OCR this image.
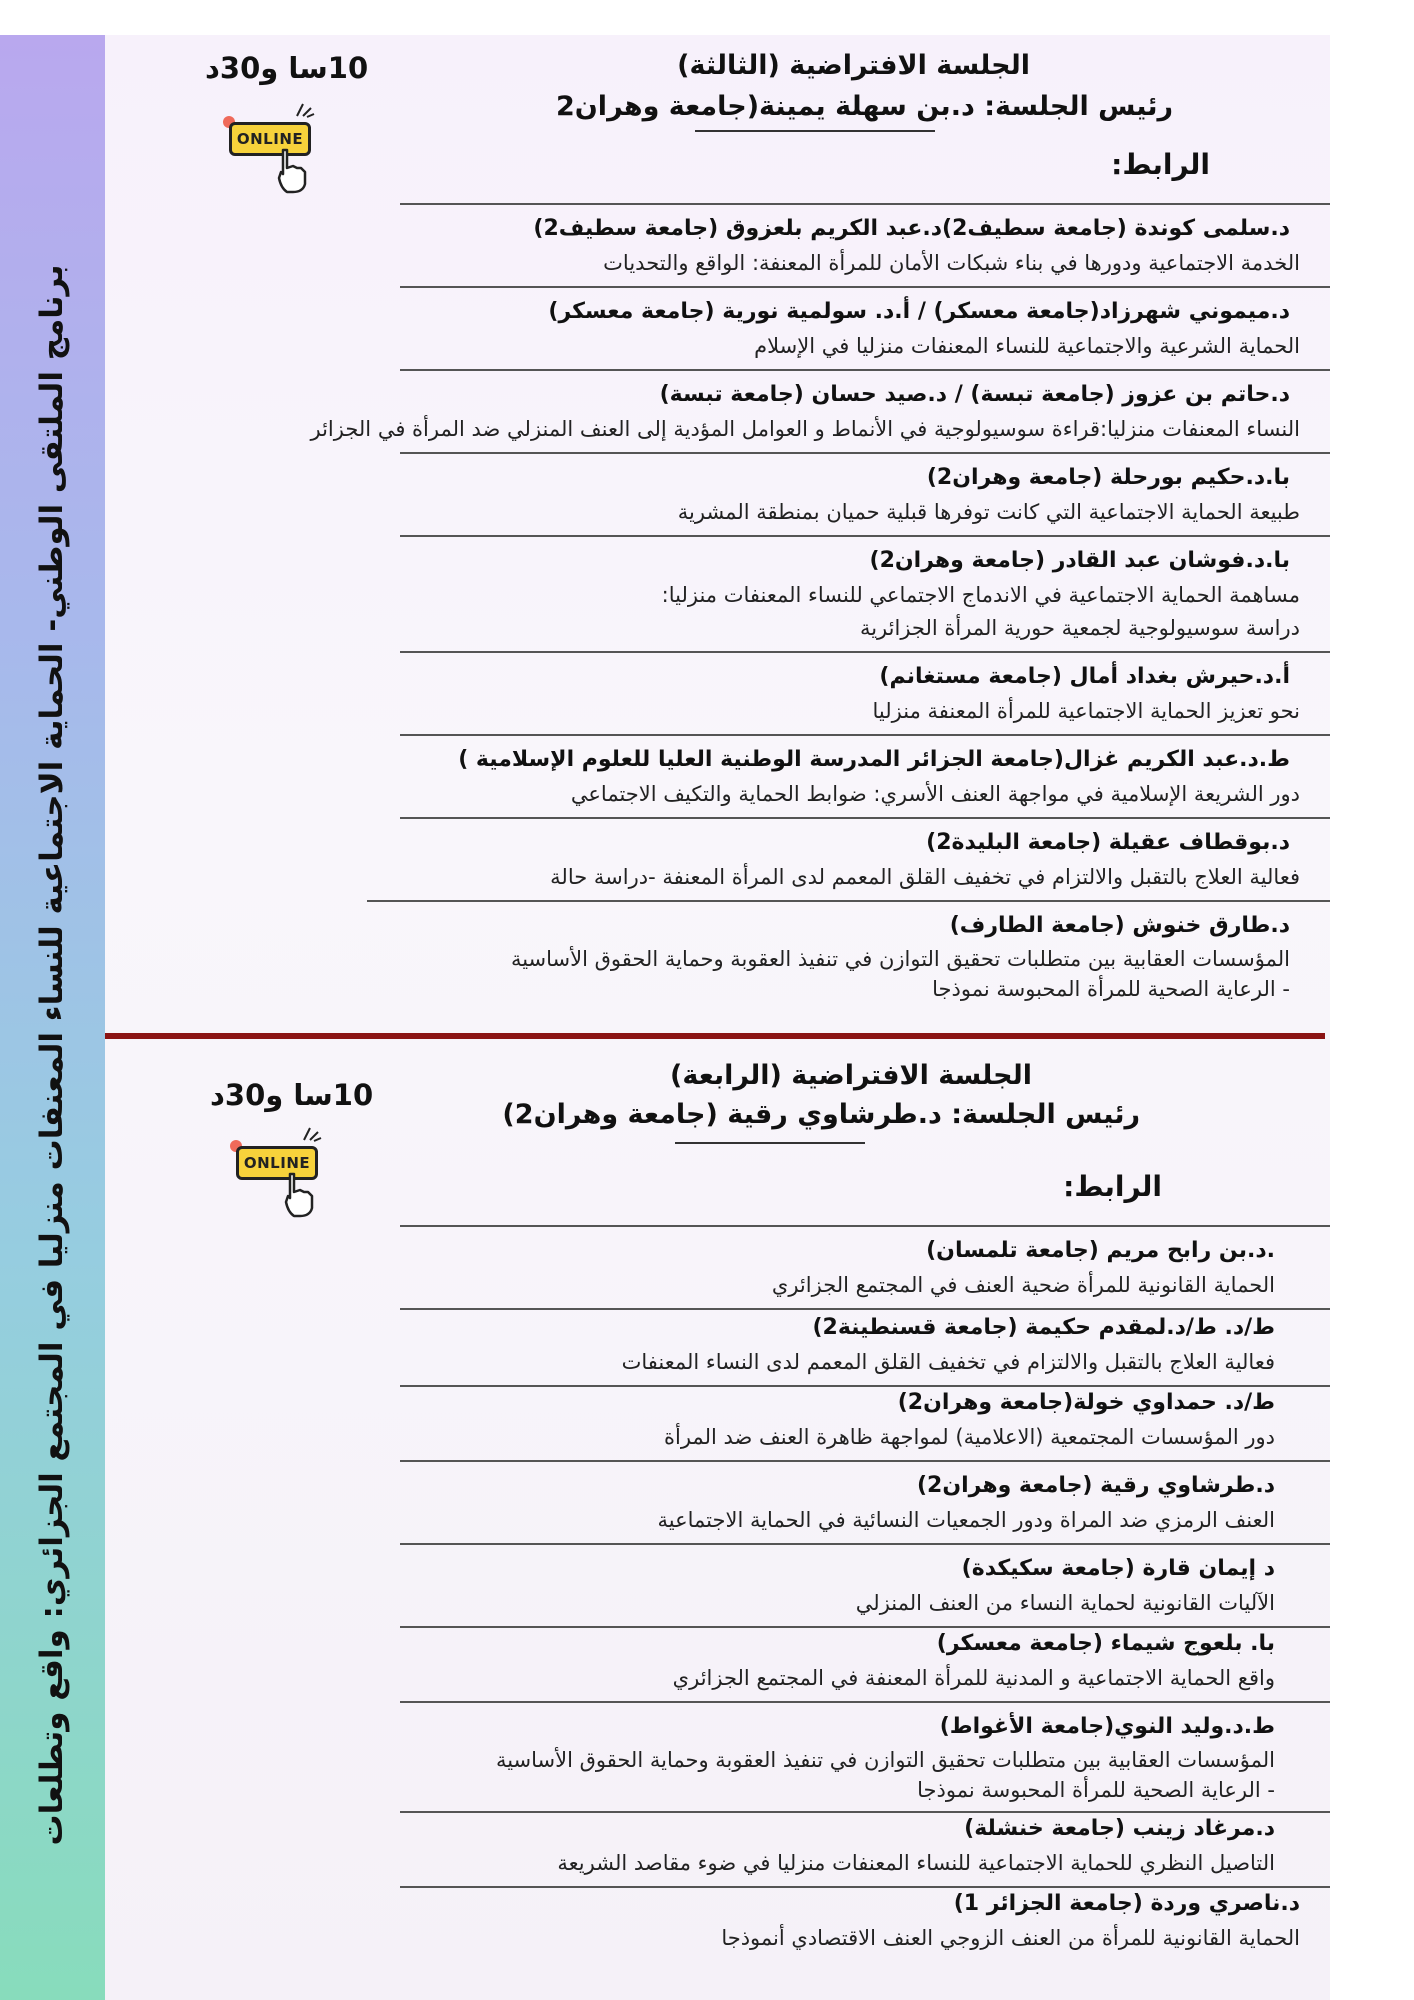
برنامج الملتقى الوطني- الحماية الاجتماعية للنساء المعنفات منزليا في المجتمع الجزائري: واقع وتطلعات
10سا و30د
ONLINE
الجلسة الافتراضية (الثالثة)
رئيس الجلسة: د.بن سهلة يمينة(جامعة وهران2
الرابط:
د.سلمى كوندة (جامعة سطيف2)د.عبد الكريم بلعزوق (جامعة سطيف2)
الخدمة الاجتماعية ودورها في بناء شبكات الأمان للمرأة المعنفة: الواقع والتحديات
د.ميموني شهرزاد(جامعة معسكر) / أ.د. سولمية نورية (جامعة معسكر)
الحماية الشرعية والاجتماعية للنساء المعنفات منزليا في الإسلام
د.حاتم بن عزوز (جامعة تبسة) / د.صيد حسان (جامعة تبسة)
النساء المعنفات منزليا:قراءة سوسيولوجية في الأنماط و العوامل المؤدية إلى العنف المنزلي ضد المرأة في الجزائر
با.د.حكيم بورحلة (جامعة وهران2)
طبيعة الحماية الاجتماعية التي كانت توفرها قبلية حميان بمنطقة المشرية
با.د.فوشان عبد القادر (جامعة وهران2)
مساهمة الحماية الاجتماعية في الاندماج الاجتماعي للنساء المعنفات منزليا:
دراسة سوسيولوجية لجمعية حورية المرأة الجزائرية
أ.د.حيرش بغداد أمال (جامعة مستغانم)
نحو تعزيز الحماية الاجتماعية للمرأة المعنفة منزليا
ط.د.عبد الكريم غزال(جامعة الجزائر المدرسة الوطنية العليا للعلوم الإسلامية )
دور الشريعة الإسلامية في مواجهة العنف الأسري: ضوابط الحماية والتكيف الاجتماعي
د.بوقطاف عقيلة (جامعة البليدة2)
فعالية العلاج بالتقبل والالتزام في تخفيف القلق المعمم لدى المرأة المعنفة -دراسة حالة
د.طارق خنوش (جامعة الطارف)
المؤسسات العقابية بين متطلبات تحقيق التوازن في تنفيذ العقوبة وحماية الحقوق الأساسية
- الرعاية الصحية للمرأة المحبوسة نموذجا
10سا و30د
ONLINE
الجلسة الافتراضية (الرابعة)
رئيس الجلسة: د.طرشاوي رقية (جامعة وهران2)
الرابط:
.د.بن رابح مريم (جامعة تلمسان)
الحماية القانونية للمرأة ضحية العنف في المجتمع الجزائري
ط/د. ط/د.لمقدم حكيمة (جامعة قسنطينة2)
فعالية العلاج بالتقبل والالتزام في تخفيف القلق المعمم لدى النساء المعنفات
ط/د. حمداوي خولة(جامعة وهران2)
دور المؤسسات المجتمعية (الاعلامية) لمواجهة ظاهرة العنف ضد المرأة
د.طرشاوي رقية (جامعة وهران2)
العنف الرمزي ضد المراة ودور الجمعيات النسائية في الحماية الاجتماعية
د إيمان قارة (جامعة سكيكدة)
الآليات القانونية لحماية النساء من العنف المنزلي
با. بلعوج شيماء (جامعة معسكر)
واقع الحماية الاجتماعية و المدنية للمرأة المعنفة في المجتمع الجزائري
ط.د.وليد النوي(جامعة الأغواط)
المؤسسات العقابية بين متطلبات تحقيق التوازن في تنفيذ العقوبة وحماية الحقوق الأساسية
- الرعاية الصحية للمرأة المحبوسة نموذجا
د.مرغاد زينب (جامعة خنشلة)
التاصيل النظري للحماية الاجتماعية للنساء المعنفات منزليا في ضوء مقاصد الشريعة
د.ناصري وردة (جامعة الجزائر 1)
الحماية القانونية للمرأة من العنف الزوجي العنف الاقتصادي أنموذجا
